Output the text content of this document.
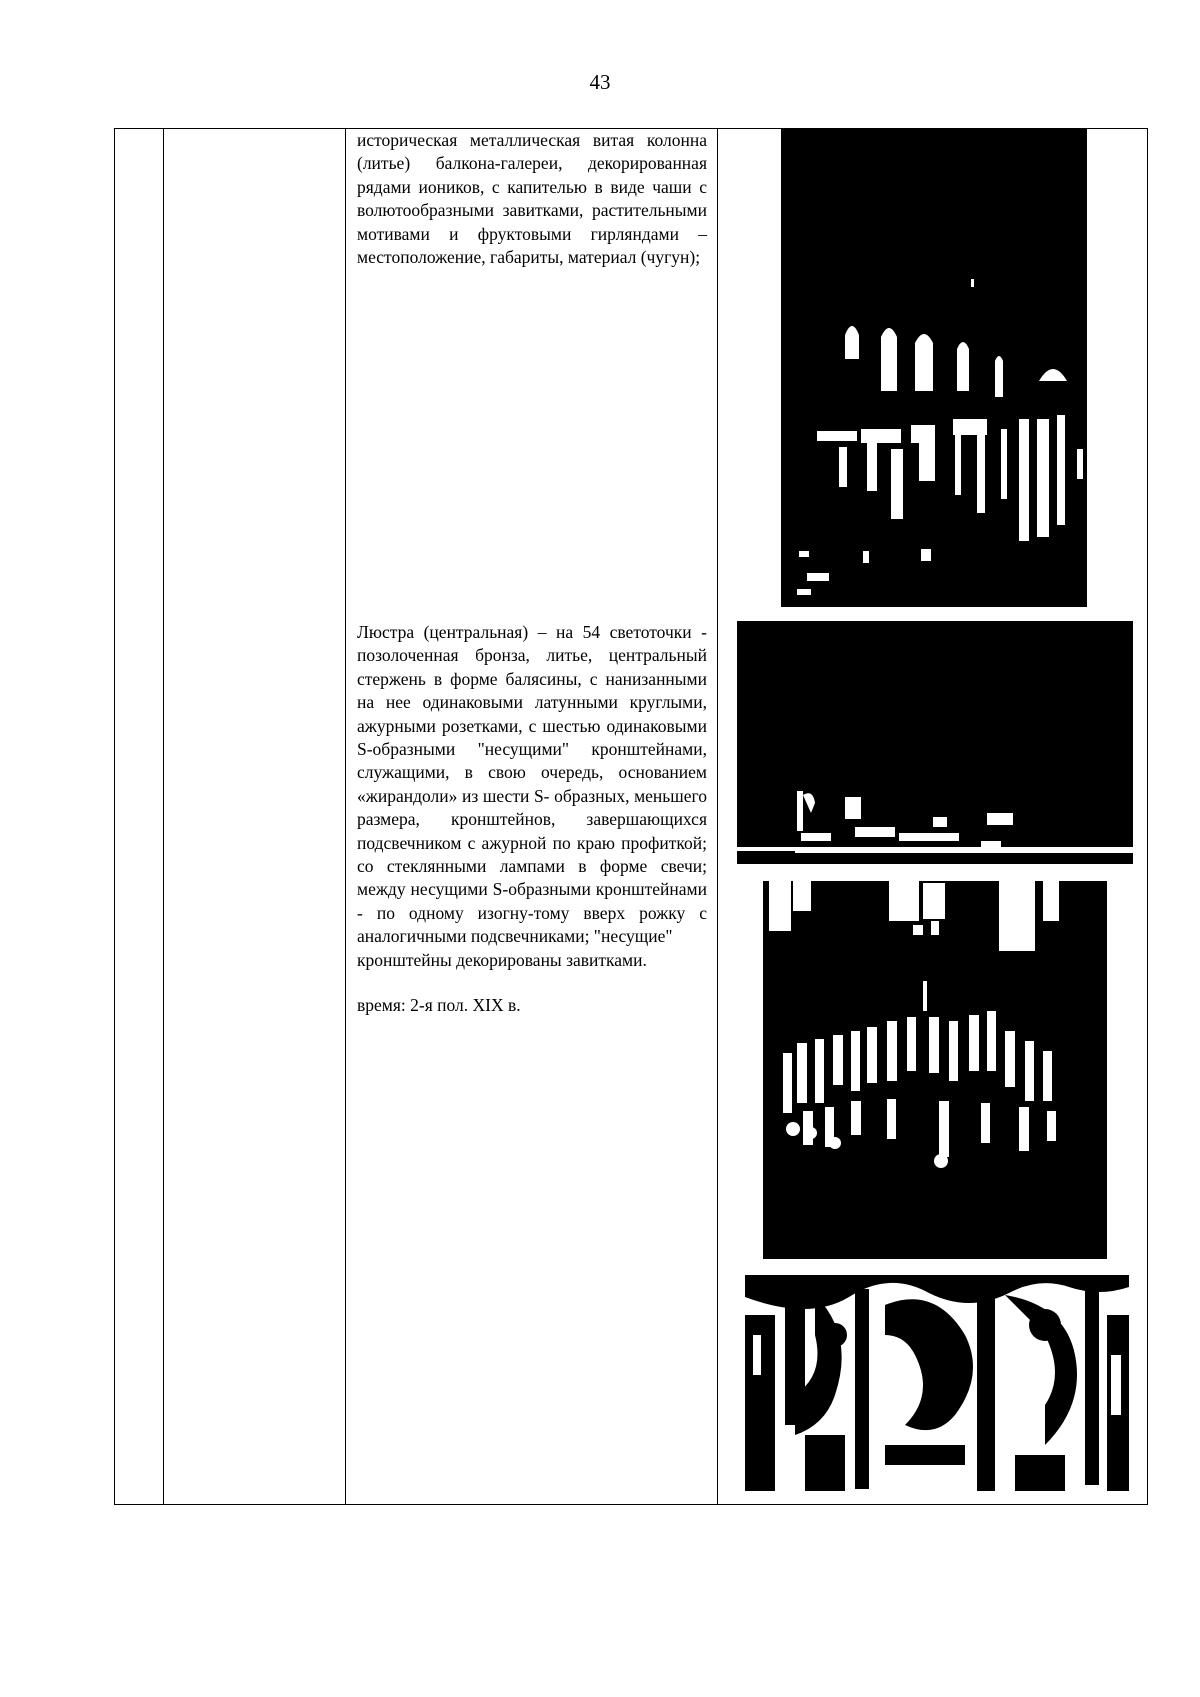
43

историческая металлическая витая колонна (литье) балкона-галереи, декорированная рядами иоников, с капителью в виде чаши с волютообразными завитками, растительными мотивами и фруктовыми гирляндами – местоположение, габариты, материал (чугун);

Люстра (центральная) – на 54 светоточки - позолоченная бронза, литье, центральный стержень в форме балясины, с нанизанными на нее одинаковыми латунными круглыми, ажурными розетками, с шестью одинаковыми S-образными "несущими" кронштейнами, служащими, в свою очередь, основанием «жирандоли» из шести S- образных, меньшего размера, кронштейнов, завершающихся

подсвечником с ажурной по краю профиткой; со стеклянными лампами в форме свечи; между несущими S-образными кронштейнами - по одному изогну-тому вверх рожку с аналогичными подсвечниками; "несущие"

кронштейны декорированы завитками.

время: 2-я пол. XIX в.
